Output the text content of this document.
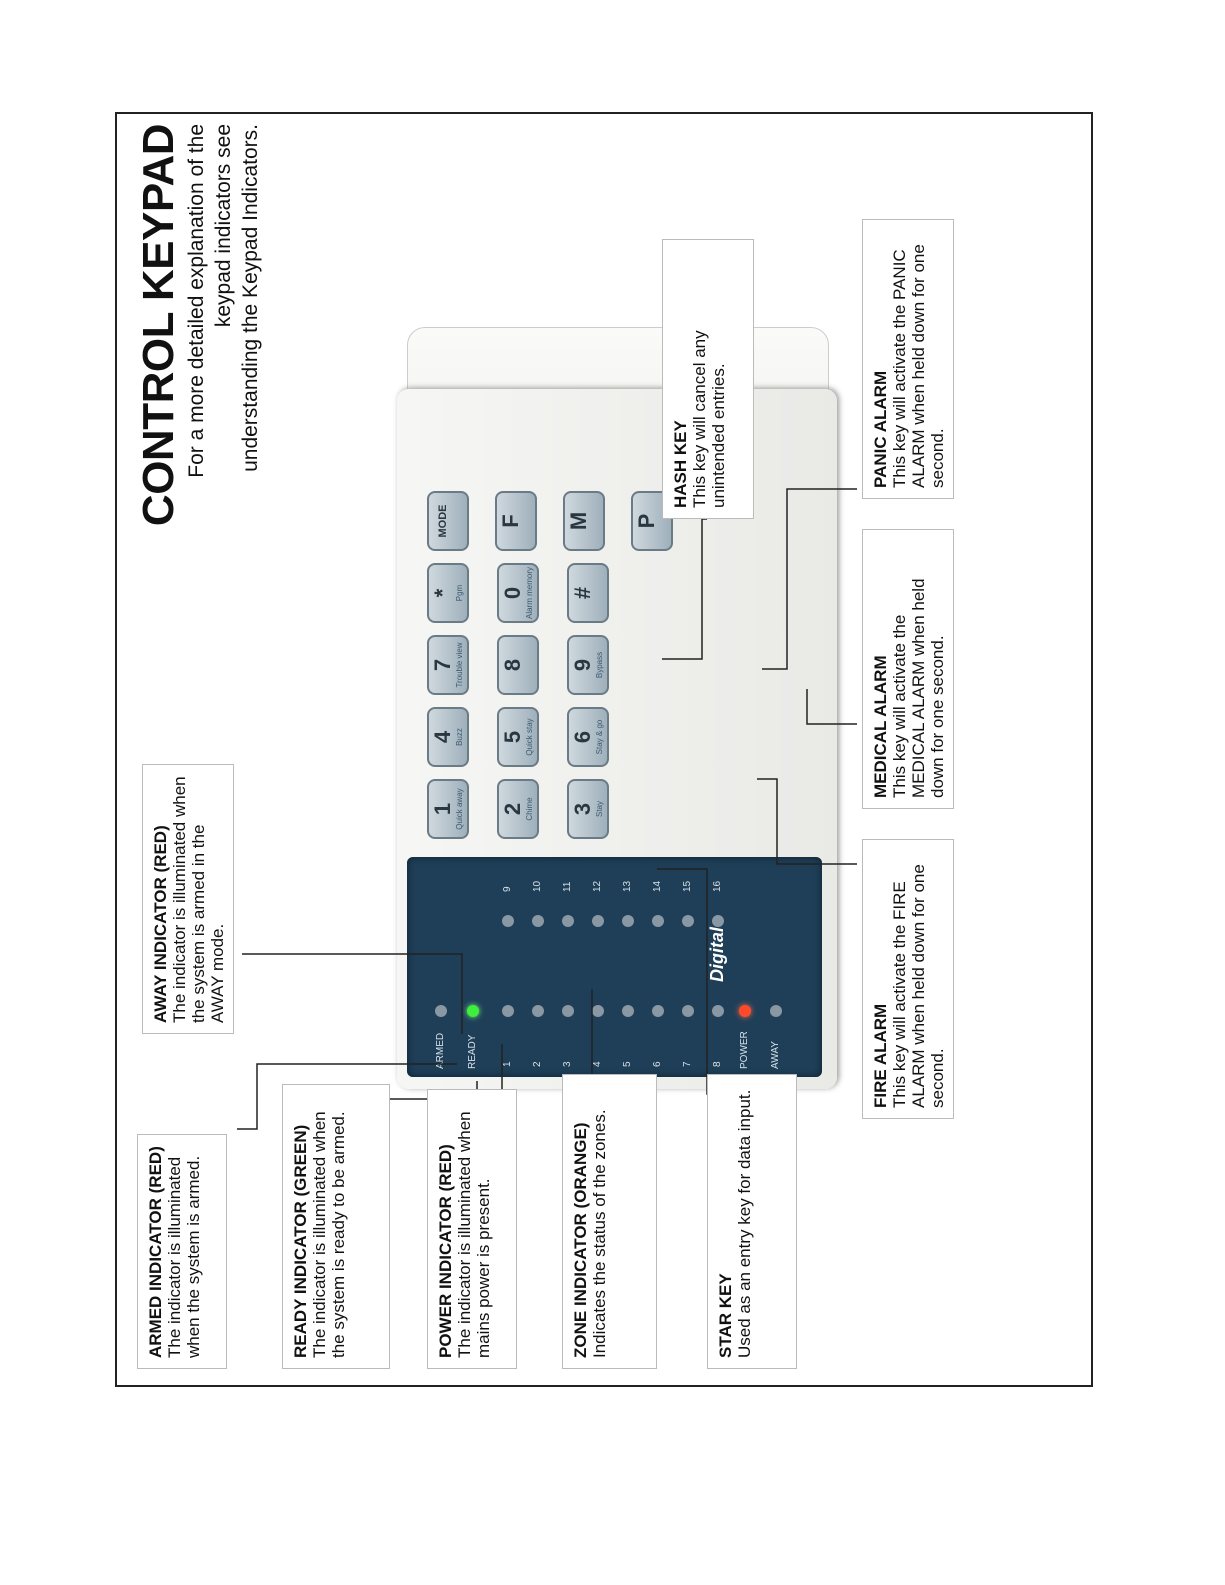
CONTROL KEYPAD For a more detailed explanation of the keypad indicators see understanding the Keypad Indicators.
ARMED READY	AWAY
POWER
Digital
1 2 3 4 5 6 7 8
9 10 11 12 13 14 15 16
1 Quick away 2 Chime 3 Stay
4 Buzz 5 Quick stay 6 Stay & go
7 Trouble view 8 9 Bypass
* Pgm 0 Alarm memory #
MODE F M P
ARMED INDICATOR (RED) The indicator is illuminated when the system is armed.	READY INDICATOR (GREEN) The indicator is illuminated when the system is ready to be armed.	POWER INDICATOR (RED) The indicator is illuminated when mains power is present.	ZONE INDICATOR (ORANGE) Indicates the status of the zones.	STAR KEY Used as an entry key for data input.
AWAY INDICATOR (RED) The indicator is illuminated when the system is armed in the AWAY mode.
HASH KEY This key will cancel any unintended entries.	PANIC ALARM This key will activate the PANIC ALARM when held down for one second.
MEDICAL ALARM This key will activate the MEDICAL ALARM when held down for one second.
FIRE ALARM This key will activate the FIRE ALARM when held down for one second.
